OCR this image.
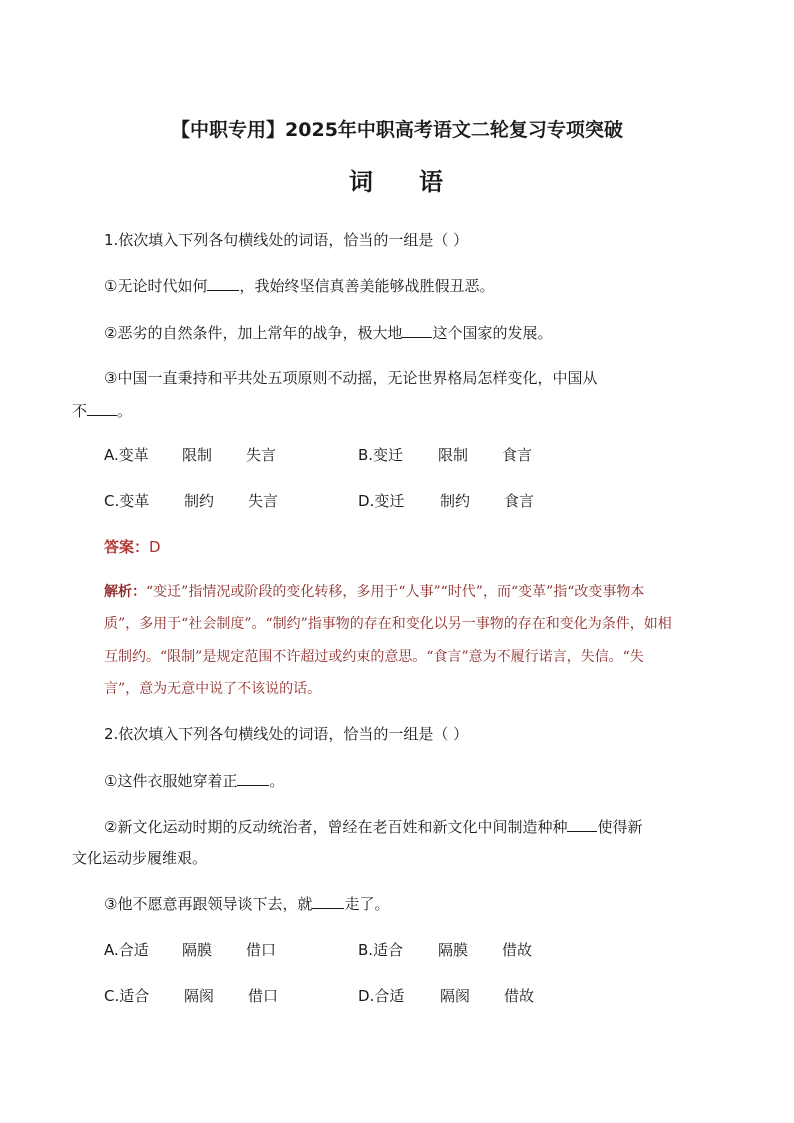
【中职专用】2025年中职高考语文二轮复习专项突破
词 语
1.依次填入下列各句横线处的词语，恰当的一组是（ ）
①无论时代如何 ，我始终坚信真善美能够战胜假丑恶。
②恶劣的自然条件，加上常年的战争，极大地 这个国家的发展。
③中国一直秉持和平共处五项原则不动摇，无论世界格局怎样变化，中国从
不 。
A.变革 限制 失言	B.变迁 限制 食言
C.变革 制约 失言	D.变迁 制约 食言
答案：D
解析：“变迁”指情况或阶段的变化转移，多用于“人事”“时代”，而“变革”指“改变事物本
质”，多用于“社会制度”。“制约”指事物的存在和变化以另一事物的存在和变化为条件，如相
互制约。“限制”是规定范围不许超过或约束的意思。“食言”意为不履行诺言，失信。“失
言”，意为无意中说了不该说的话。
2.依次填入下列各句横线处的词语，恰当的一组是（ ）
①这件衣服她穿着正 。
②新文化运动时期的反动统治者，曾经在老百姓和新文化中间制造种种 使得新
文化运动步履维艰。
③他不愿意再跟领导谈下去，就 走了。
A.合适 隔膜 借口	B.适合 隔膜 借故
C.适合 隔阂 借口	D.合适 隔阂 借故
